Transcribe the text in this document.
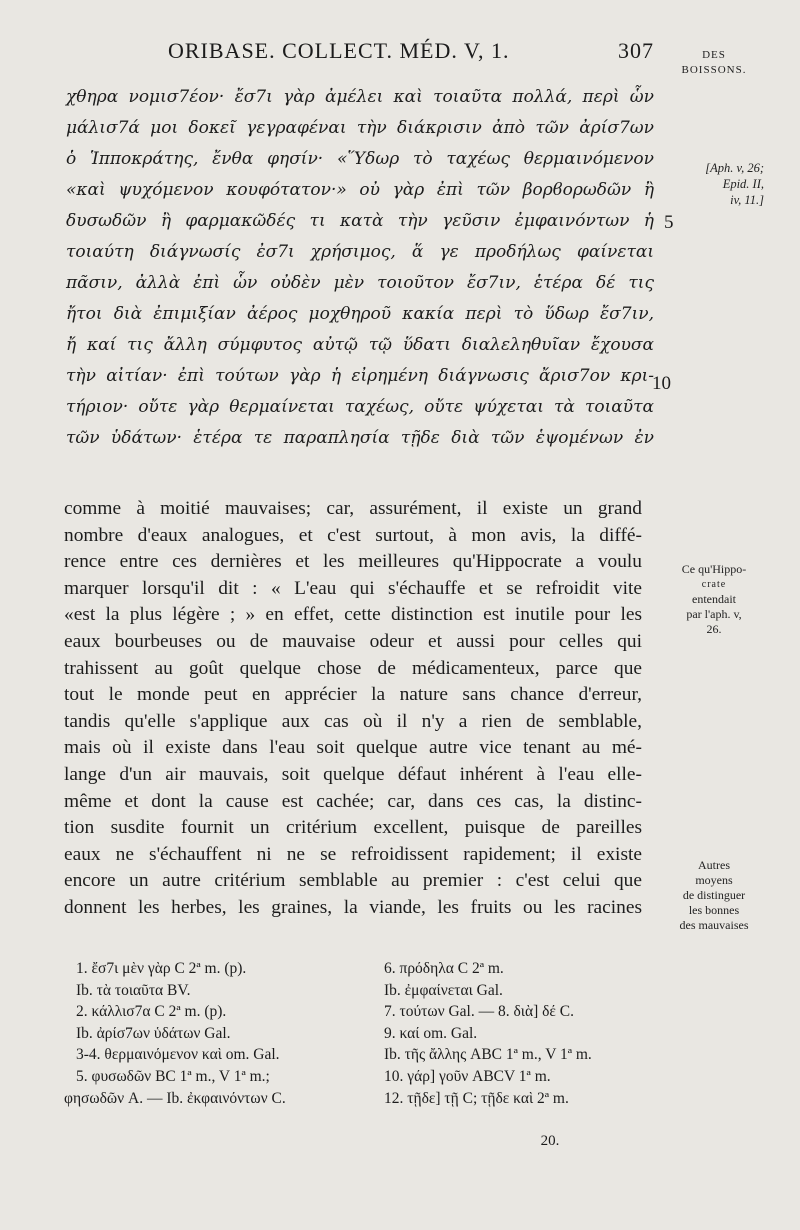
ORIBASE. COLLECT. MÉD. V, 1.	307	DES
BOISSONS.
[Aph. v, 26;
Epid. II,
iv, 11.]
χθηρα νομισ7έον· ἔσ7ι γὰρ ἀμέλει καὶ τοιαῦτα πολλά, περὶ ὧν
μάλισ7ά μοι δοκεῖ γεγραφέναι τὴν διάκρισιν ἀπὸ τῶν ἀρίσ7ων
ὁ Ἱπποκράτης, ἔνθα φησίν· «Ὕδωρ τὸ ταχέως θερμαινόμενον
«καὶ ψυχόμενον κουφότατον·» οὐ γὰρ ἐπὶ τῶν βορϐορωδῶν ἢ
δυσωδῶν ἢ φαρμακῶδές τι κατὰ τὴν γεῦσιν ἐμφαινόντων ἡ
τοιαύτη διάγνωσίς ἐσ7ι χρήσιμος, ἅ γε προδήλως φαίνεται
πᾶσιν, ἀλλὰ ἐπὶ ὧν οὐδὲν μὲν τοιοῦτον ἔσ7ιν, ἑτέρα δέ τις
ἤτοι διὰ ἐπιμιξίαν ἀέρος μοχθηροῦ κακία περὶ τὸ ὕδωρ ἔσ7ιν,
ἤ καί τις ἄλλη σύμφυτος αὐτῷ τῷ ὕδατι διαλεληθυῖαν ἔχουσα
τὴν αἰτίαν· ἐπὶ τούτων γὰρ ἡ εἰρημένη διάγνωσις ἄρισ7ον κρι-
τήριον· οὔτε γὰρ θερμαίνεται ταχέως, οὔτε ψύχεται τὰ τοιαῦτα
τῶν ὑδάτων· ἑτέρα τε παραπλησία τῇδε διὰ τῶν ἑψομένων ἐν
5
10
comme à moitié mauvaises; car, assurément, il existe un grand
nombre d'eaux analogues, et c'est surtout, à mon avis, la diffé-
rence entre ces dernières et les meilleures qu'Hippocrate a voulu
marquer lorsqu'il dit : « L'eau qui s'échauffe et se refroidit vite
«est la plus légère ; » en effet, cette distinction est inutile pour les
eaux bourbeuses ou de mauvaise odeur et aussi pour celles qui
trahissent au goût quelque chose de médicamenteux, parce que
tout le monde peut en apprécier la nature sans chance d'erreur,
tandis qu'elle s'applique aux cas où il n'y a rien de semblable,
mais où il existe dans l'eau soit quelque autre vice tenant au mé-
lange d'un air mauvais, soit quelque défaut inhérent à l'eau elle-
même et dont la cause est cachée; car, dans ces cas, la distinc-
tion susdite fournit un critérium excellent, puisque de pareilles
eaux ne s'échauffent ni ne se refroidissent rapidement; il existe
encore un autre critérium semblable au premier : c'est celui que
donnent les herbes, les graines, la viande, les fruits ou les racines
Ce qu'Hippo-
crate
entendait
par l'aph. v,
26.
Autres
moyens
de distinguer
les bonnes
des mauvaises
1. ἔσ7ι μὲν γὰρ C 2ª m. (p).
Ib. τὰ τοιαῦτα BV.
2. κάλλισ7α C 2ª m. (p).
Ib. ἀρίσ7ων ὑδάτων Gal.
3-4. θερμαινόμενον καὶ om. Gal.
5. φυσωδῶν BC 1ª m., V 1ª m.;
φησωδῶν A. — Ib. ἐκφαινόντων C.
6. πρόδηλα C 2ª m.
Ib. ἐμφαίνεται Gal.
7. τούτων Gal. — 8. διὰ] δέ C.
9. καί om. Gal.
Ib. τῆς ἄλλης ABC 1ª m., V 1ª m.
10. γάρ] γοῦν ABCV 1ª m.
12. τῇδε] τῇ C; τῇδε καὶ 2ª m.
20.
